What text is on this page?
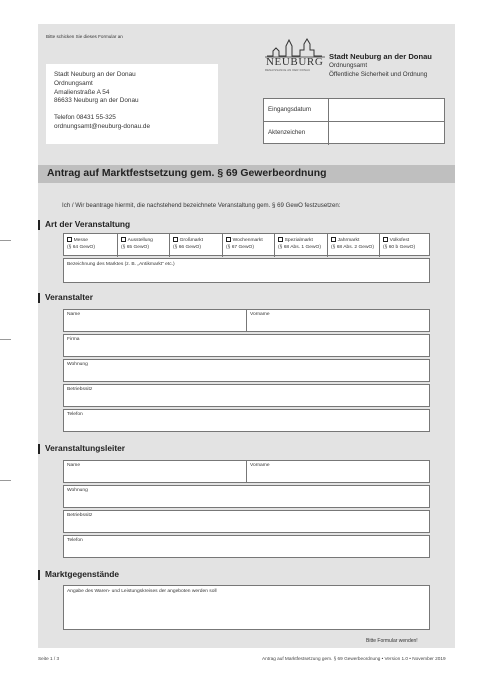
Bitte schicken Sie dieses Formular an
Stadt Neuburg an der Donau
Ordnungsamt
Amalienstraße A 54
86633 Neuburg an der Donau
Telefon 08431 55-325
ordnungsamt@neuburg-donau.de
NEUBURG
RENAISSANCE AN DER DONAU
Stadt Neuburg an der Donau
Ordnungsamt
Öffentliche Sicherheit und Ordnung
Eingangsdatum
Aktenzeichen
Antrag auf Marktfestsetzung gem. § 69 Gewerbeordnung
Ich / Wir beantrage hiermit, die nachstehend bezeichnete Veranstaltung gem. § 69 GewO festzusetzen:
Art der Veranstaltung
Messe
(§ 64 GewO)
Ausstellung
(§ 65 GewO)
Großmarkt
(§ 66 GewO)
Wochenmarkt
(§ 67 GewO)
Spezialmarkt
(§ 68 Abs. 1 GewO)
Jahrmarkt
(§ 68 Abs. 2 GewO)
Volksfest
(§ 60 b GewO)
Bezeichnung des Marktes (z. B. „Antikmarkt“ etc.)
Veranstalter
Name	Vorname
Firma
Wohnung
Betriebssitz
Telefon
Veranstaltungsleiter
Name	Vorname
Wohnung
Betriebssitz
Telefon
Marktgegenstände
Angabe des Waren- und Leistungskreises der angeboten werden soll
Bitte Formular wenden!
Seite 1 / 3	Antrag auf Marktfestsetzung gem. § 69 Gewerbeordnung • Version 1.0 • November 2019
